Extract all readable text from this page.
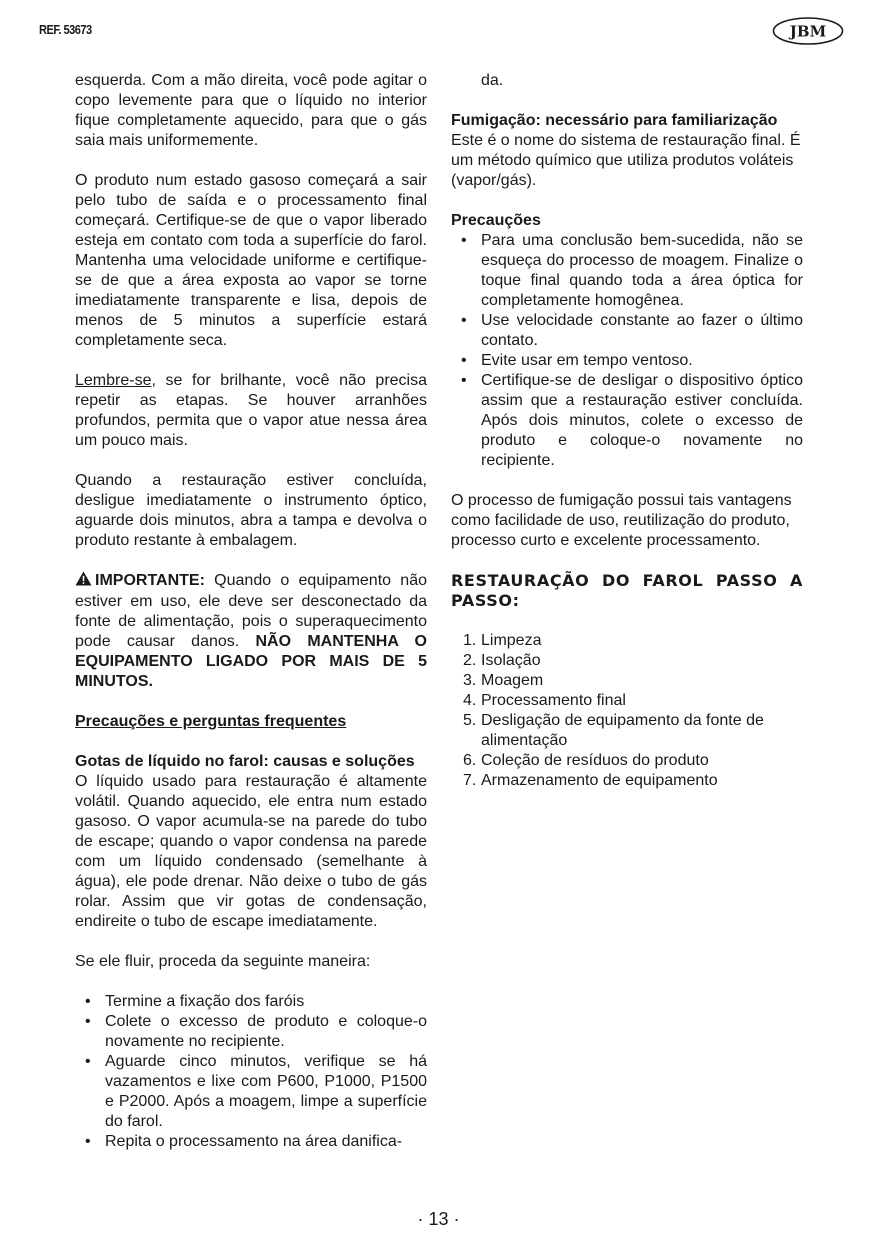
REF. 53673	JBM

esquerda. Com a mão direita, você pode agitar o copo levemente para que o líquido no interior fique completamente aquecido, para que o gás saia mais uniformemente.

O produto num estado gasoso começará a sair pelo tubo de saída e o processamento final começará. Certifique-se de que o vapor liberado esteja em contato com toda a superfície do farol. Mantenha uma velocidade uniforme e certifique-se de que a área exposta ao vapor se torne imediatamente transparente e lisa, depois de menos de 5 minutos a superfície estará completamente seca.

Lembre-se, se for brilhante, você não precisa repetir as etapas. Se houver arranhões profundos, permita que o vapor atue nessa área um pouco mais.

Quando a restauração estiver concluída, desligue imediatamente o instrumento óptico, aguarde dois minutos, abra a tampa e devolva o produto restante à embalagem.

IMPORTANTE: Quando o equipamento não estiver em uso, ele deve ser desconectado da fonte de alimentação, pois o superaquecimento pode causar danos. NÃO MANTENHA O EQUIPAMENTO LIGADO POR MAIS DE 5 MINUTOS.

Precauções e perguntas frequentes

Gotas de líquido no farol: causas e soluções

O líquido usado para restauração é altamente volátil. Quando aquecido, ele entra num estado gasoso. O vapor acumula-se na parede do tubo de escape; quando o vapor condensa na parede com um líquido condensado (semelhante à água), ele pode drenar. Não deixe o tubo de gás rolar. Assim que vir gotas de condensação, endireite o tubo de escape imediatamente.

Se ele fluir, proceda da seguinte maneira:

• Termine a fixação dos faróis
• Colete o excesso de produto e coloque-o novamente no recipiente.
• Aguarde cinco minutos, verifique se há vazamentos e lixe com P600, P1000, P1500 e P2000. Após a moagem, limpe a superfície do farol.
• Repita o processamento na área danifica-

da.

Fumigação: necessário para familiarização

Este é o nome do sistema de restauração final. É um método químico que utiliza produtos voláteis (vapor/gás).

Precauções

• Para uma conclusão bem-sucedida, não se esqueça do processo de moagem. Finalize o toque final quando toda a área óptica for completamente homogênea.
• Use velocidade constante ao fazer o último contato.
• Evite usar em tempo ventoso.
• Certifique-se de desligar o dispositivo óptico assim que a restauração estiver concluída. Após dois minutos, colete o excesso de produto e coloque-o novamente no recipiente.

O processo de fumigação possui tais vantagens como facilidade de uso, reutilização do produto, processo curto e excelente processamento.

RESTAURAÇÃO DO FAROL PASSO A PASSO:

1. Limpeza
2. Isolação
3. Moagem
4. Processamento final
5. Desligação de equipamento da fonte de alimentação
6. Coleção de resíduos do produto
7. Armazenamento de equipamento
· 13 ·
